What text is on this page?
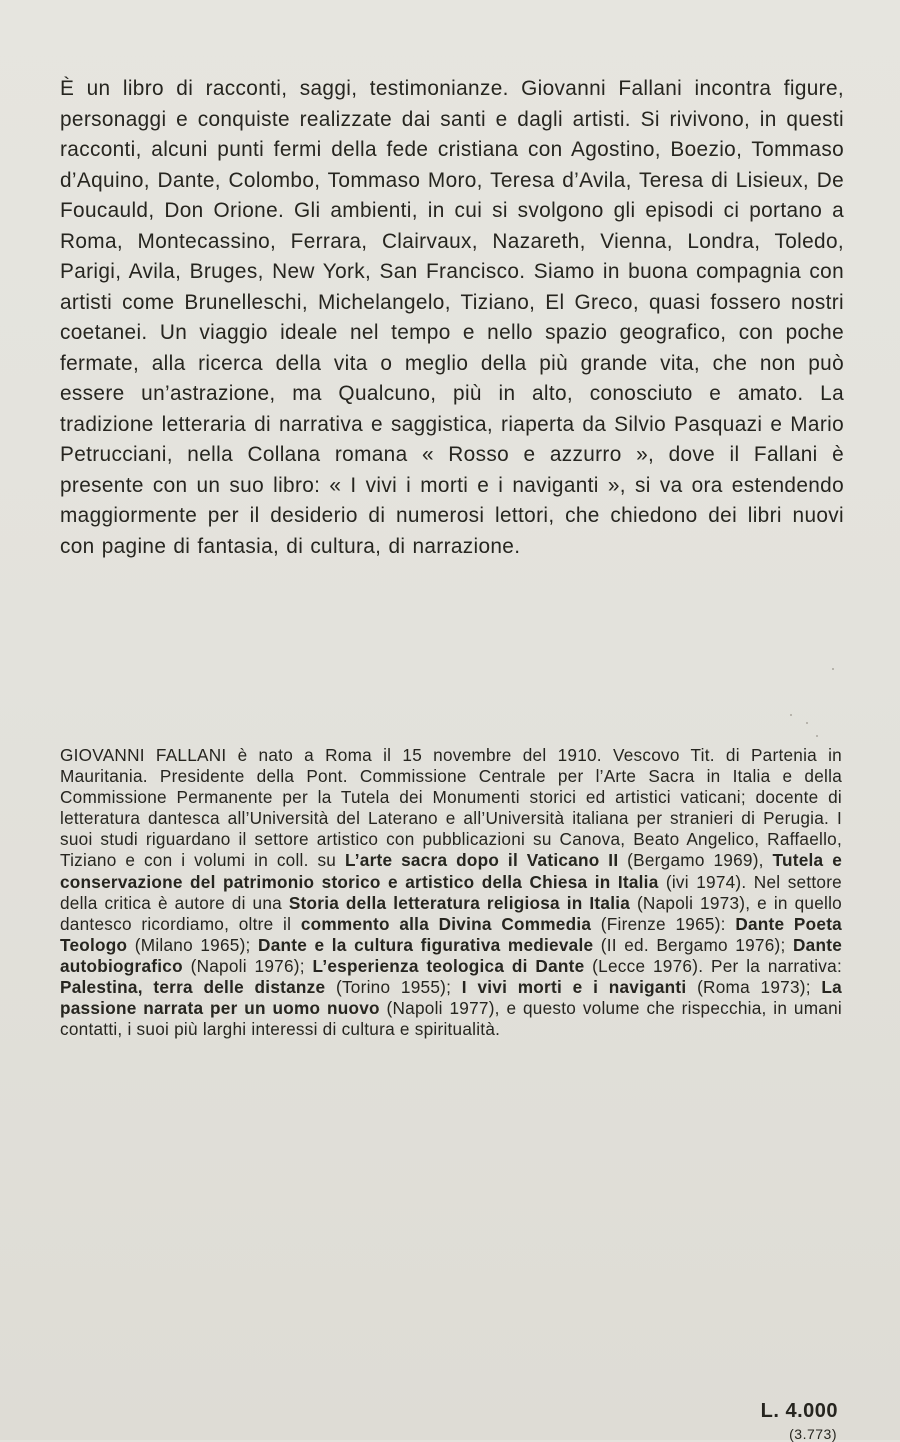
È un libro di racconti, saggi, testimonianze. Giovanni Fallani incontra figure, personaggi e conquiste realizzate dai santi e dagli artisti. Si rivivono, in questi racconti, alcuni punti fermi della fede cristiana con Agostino, Boezio, Tommaso d’Aquino, Dante, Colombo, Tommaso Moro, Teresa d’Avila, Teresa di Lisieux, De Foucauld, Don Orione. Gli ambienti, in cui si svolgono gli episodi ci portano a Roma, Montecassino, Ferrara, Clairvaux, Nazareth, Vienna, Londra, Toledo, Parigi, Avila, Bruges, New York, San Francisco. Siamo in buona compagnia con artisti come Brunelleschi, Michelangelo, Tiziano, El Greco, quasi fossero nostri coetanei. Un viaggio ideale nel tempo e nello spazio geografico, con poche fermate, alla ricerca della vita o meglio della più grande vita, che non può essere un’astrazione, ma Qualcuno, più in alto, conosciuto e amato. La tradizione letteraria di narrativa e saggistica, riaperta da Silvio Pasquazi e Mario Petrucciani, nella Collana romana « Rosso e azzurro », dove il Fallani è presente con un suo libro: « I vivi i morti e i naviganti », si va ora estendendo maggiormente per il desiderio di numerosi lettori, che chiedono dei libri nuovi con pagine di fantasia, di cultura, di narrazione.

GIOVANNI FALLANI è nato a Roma il 15 novembre del 1910. Vescovo Tit. di Partenia in Mauritania. Presidente della Pont. Commissione Centrale per l’Arte Sacra in Italia e della Commissione Permanente per la Tutela dei Monumenti storici ed artistici vaticani; docente di letteratura dantesca all’Università del Laterano e all’Università italiana per stranieri di Perugia. I suoi studi riguardano il settore artistico con pubblicazioni su Canova, Beato Angelico, Raffaello, Tiziano e con i volumi in coll. su L’arte sacra dopo il Vaticano II (Bergamo 1969), Tutela e conservazione del patrimonio storico e artistico della Chiesa in Italia (ivi 1974). Nel settore della critica è autore di una Storia della letteratura religiosa in Italia (Napoli 1973), e in quello dantesco ricordiamo, oltre il commento alla Divina Commedia (Firenze 1965): Dante Poeta Teologo (Milano 1965); Dante e la cultura figurativa medievale (II ed. Bergamo 1976); Dante autobiografico (Napoli 1976); L’esperienza teologica di Dante (Lecce 1976). Per la narrativa: Palestina, terra delle distanze (Torino 1955); I vivi morti e i naviganti (Roma 1973); La passione narrata per un uomo nuovo (Napoli 1977), e questo volume che rispecchia, in umani contatti, i suoi più larghi interessi di cultura e spiritualità.

L. 4.000
(3.773)
